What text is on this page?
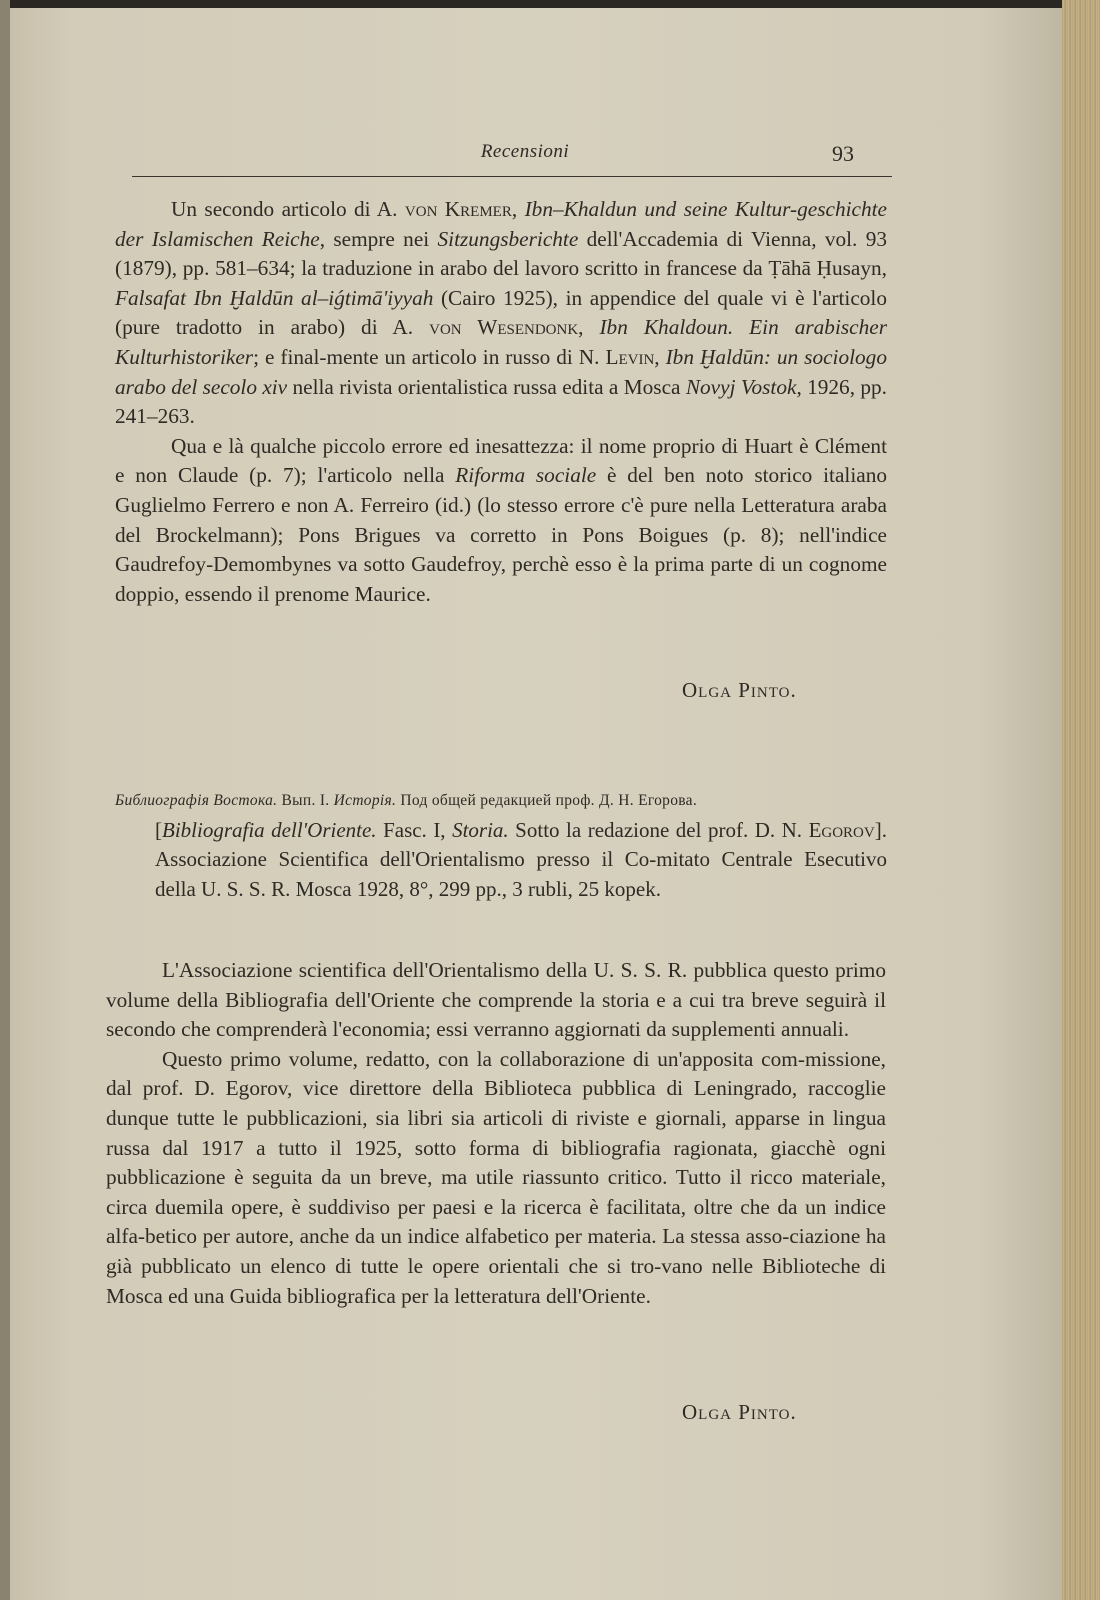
Recensioni	93

Un secondo articolo di A. von Kremer, Ibn–Khaldun und seine Kultur-geschichte der Islamischen Reiche, sempre nei Sitzungsberichte dell'Accademia di Vienna, vol. 93 (1879), pp. 581–634; la traduzione in arabo del lavoro scritto in francese da Ṭāhā Ḥusayn, Falsafat Ibn Ḫaldūn al–iǵtimā'iyyah (Cairo 1925), in appendice del quale vi è l'articolo (pure tradotto in arabo) di A. von Wesendonk, Ibn Khaldoun. Ein arabischer Kulturhistoriker; e final-mente un articolo in russo di N. Levin, Ibn Ḫaldūn: un sociologo arabo del secolo xiv nella rivista orientalistica russa edita a Mosca Novyj Vostok, 1926, pp. 241–263.

Qua e là qualche piccolo errore ed inesattezza: il nome proprio di Huart è Clément e non Claude (p. 7); l'articolo nella Riforma sociale è del ben noto storico italiano Guglielmo Ferrero e non A. Ferreiro (id.) (lo stesso errore c'è pure nella Letteratura araba del Brockelmann); Pons Brigues va corretto in Pons Boigues (p. 8); nell'indice Gaudrefoy-Demombynes va sotto Gaudefroy, perchè esso è la prima parte di un cognome doppio, essendo il prenome Maurice.

Olga Pinto.
Библиографія Востока. Вып. I. Исторія. Под общей редакцией проф. Д. Н. Егорова.
[Bibliografia dell'Oriente. Fasc. I, Storia. Sotto la redazione del prof. D. N. Egorov]. Associazione Scientifica dell'Orientalismo presso il Co-mitato Centrale Esecutivo della U. S. S. R. Mosca 1928, 8°, 299 pp., 3 rubli, 25 kopek.

L'Associazione scientifica dell'Orientalismo della U. S. S. R. pubblica questo primo volume della Bibliografia dell'Oriente che comprende la storia e a cui tra breve seguirà il secondo che comprenderà l'economia; essi verranno aggiornati da supplementi annuali.

Questo primo volume, redatto, con la collaborazione di un'apposita com-missione, dal prof. D. Egorov, vice direttore della Biblioteca pubblica di Leningrado, raccoglie dunque tutte le pubblicazioni, sia libri sia articoli di riviste e giornali, apparse in lingua russa dal 1917 a tutto il 1925, sotto forma di bibliografia ragionata, giacchè ogni pubblicazione è seguita da un breve, ma utile riassunto critico. Tutto il ricco materiale, circa duemila opere, è suddiviso per paesi e la ricerca è facilitata, oltre che da un indice alfa-betico per autore, anche da un indice alfabetico per materia. La stessa asso-ciazione ha già pubblicato un elenco di tutte le opere orientali che si tro-vano nelle Biblioteche di Mosca ed una Guida bibliografica per la letteratura dell'Oriente.

Olga Pinto.
